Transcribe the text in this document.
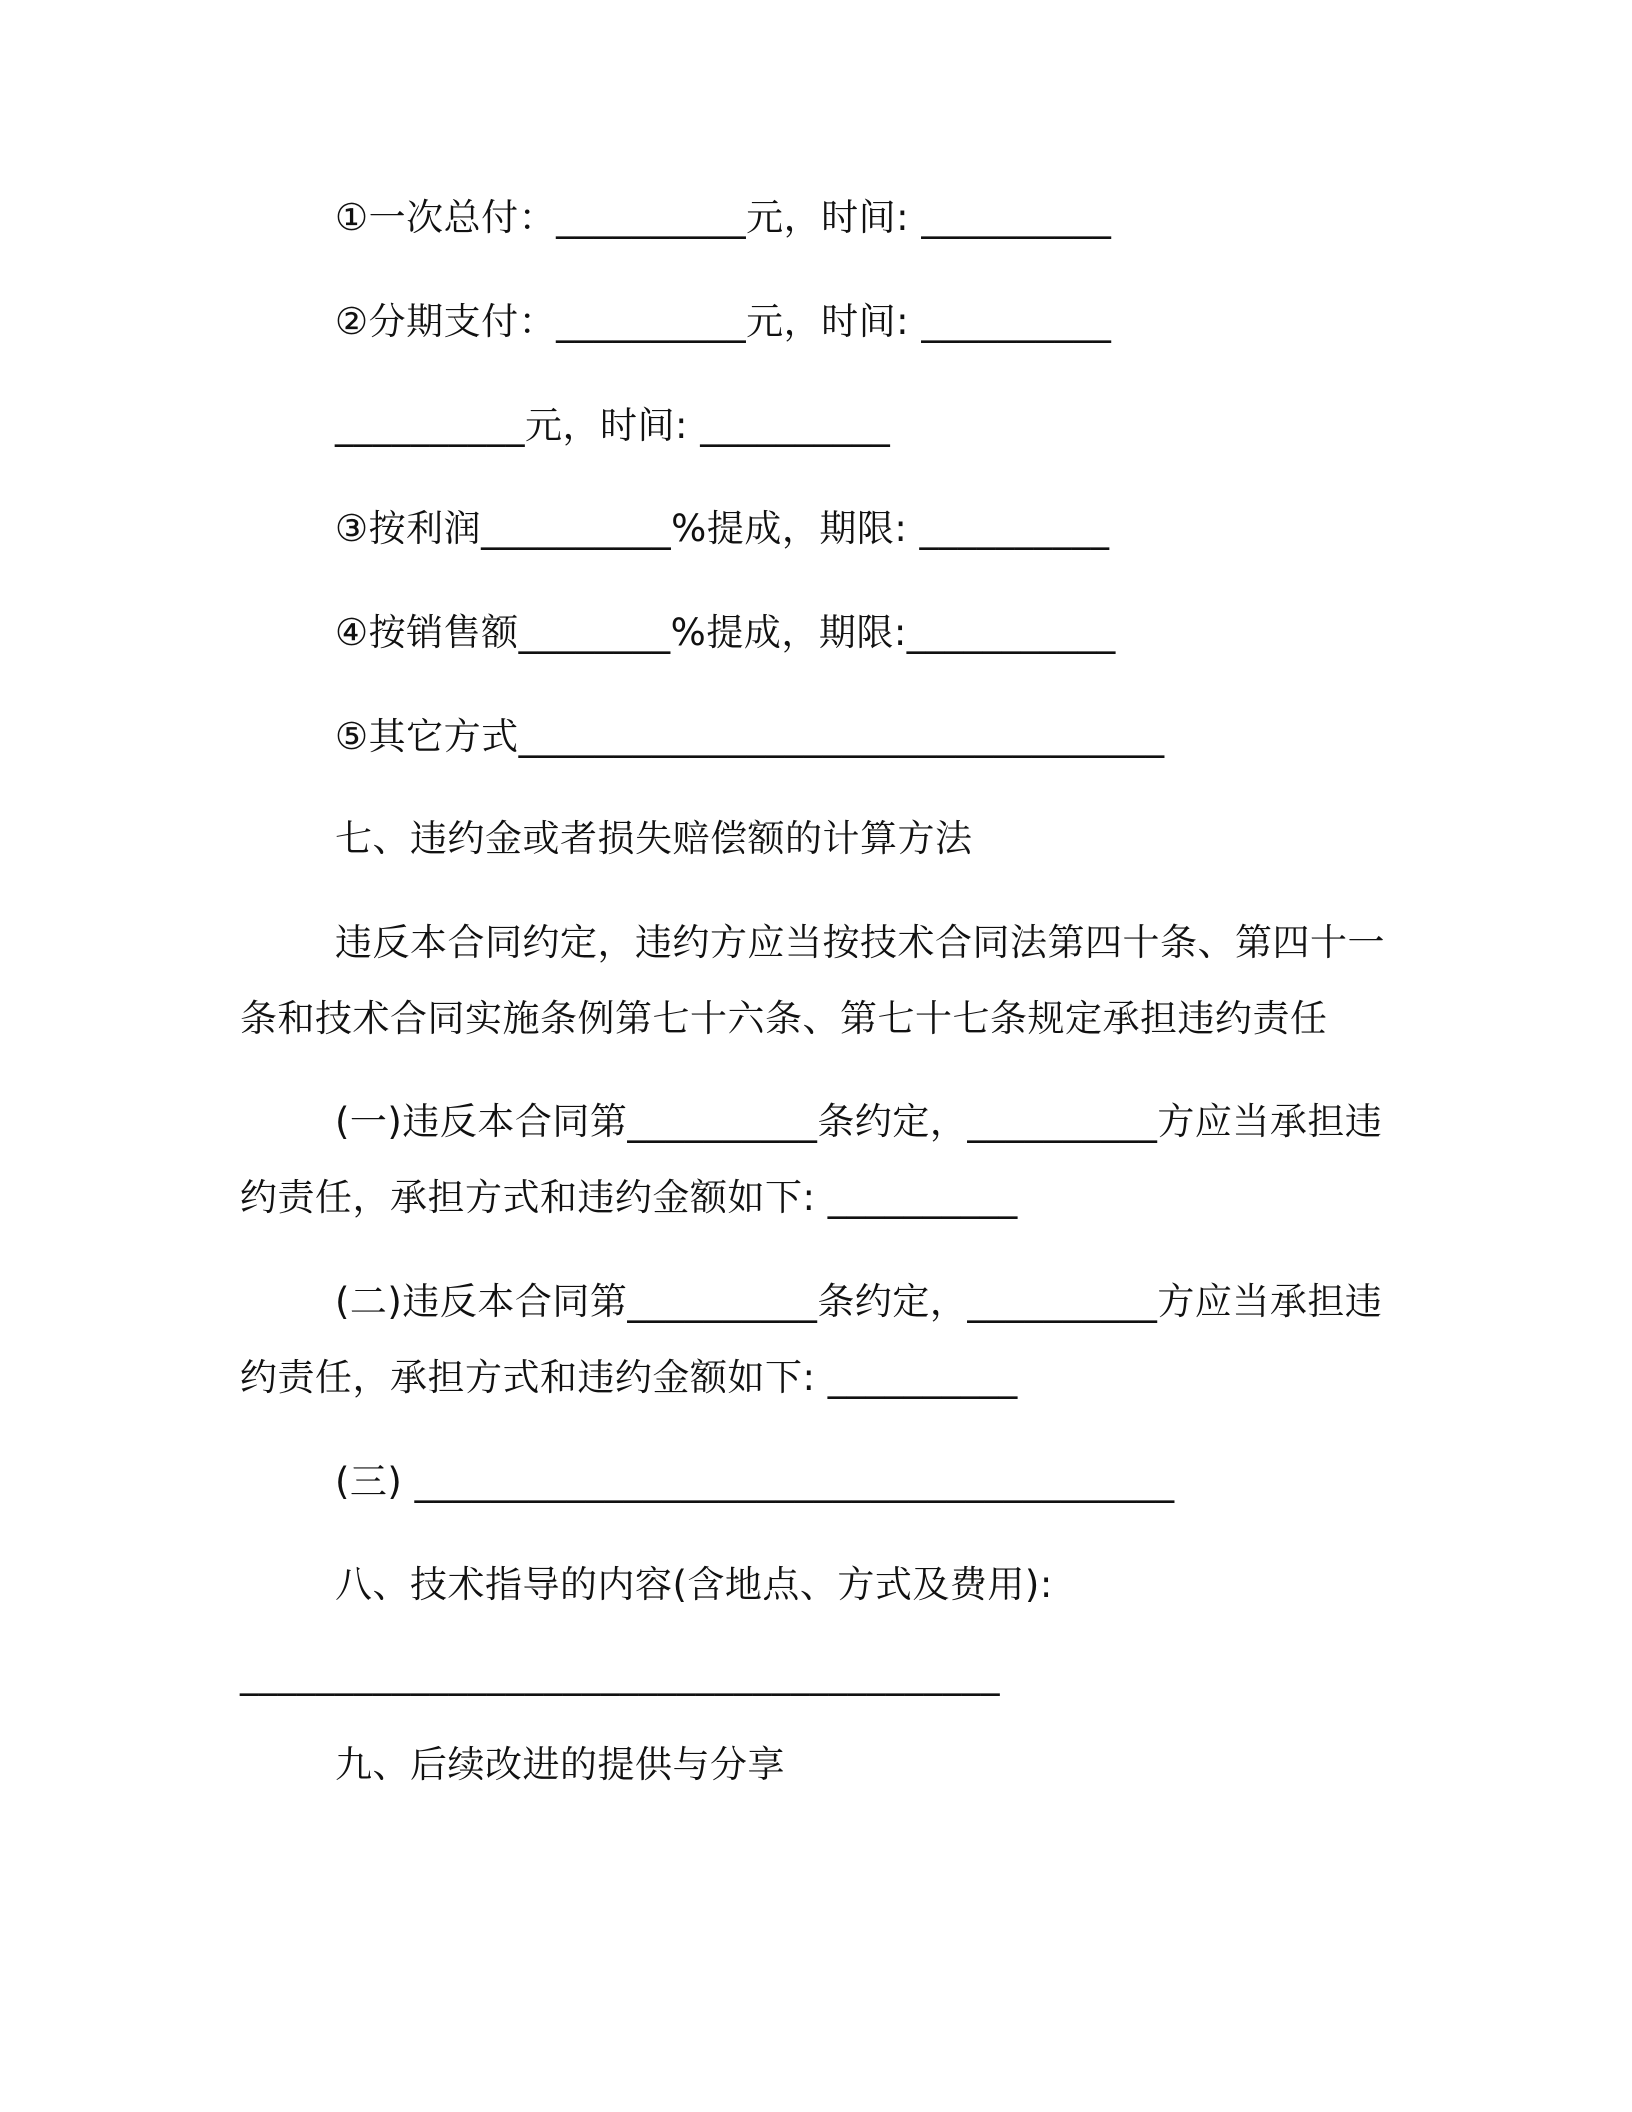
①一次总付：__________元，时间: __________

②分期支付：__________元，时间: __________

__________元，时间: __________

③按利润__________%提成，期限: __________

④按销售额________%提成，期限:___________

⑤其它方式__________________________________

七、违约金或者损失赔偿额的计算方法

违反本合同约定，违约方应当按技术合同法第四十条、第四十一

条和技术合同实施条例第七十六条、第七十七条规定承担违约责任

(一)违反本合同第__________条约定，__________方应当承担违

约责任，承担方式和违约金额如下: __________

(二)违反本合同第__________条约定，__________方应当承担违

约责任，承担方式和违约金额如下: __________

(三) ________________________________________

八、技术指导的内容(含地点、方式及费用):

________________________________________

九、后续改进的提供与分享
